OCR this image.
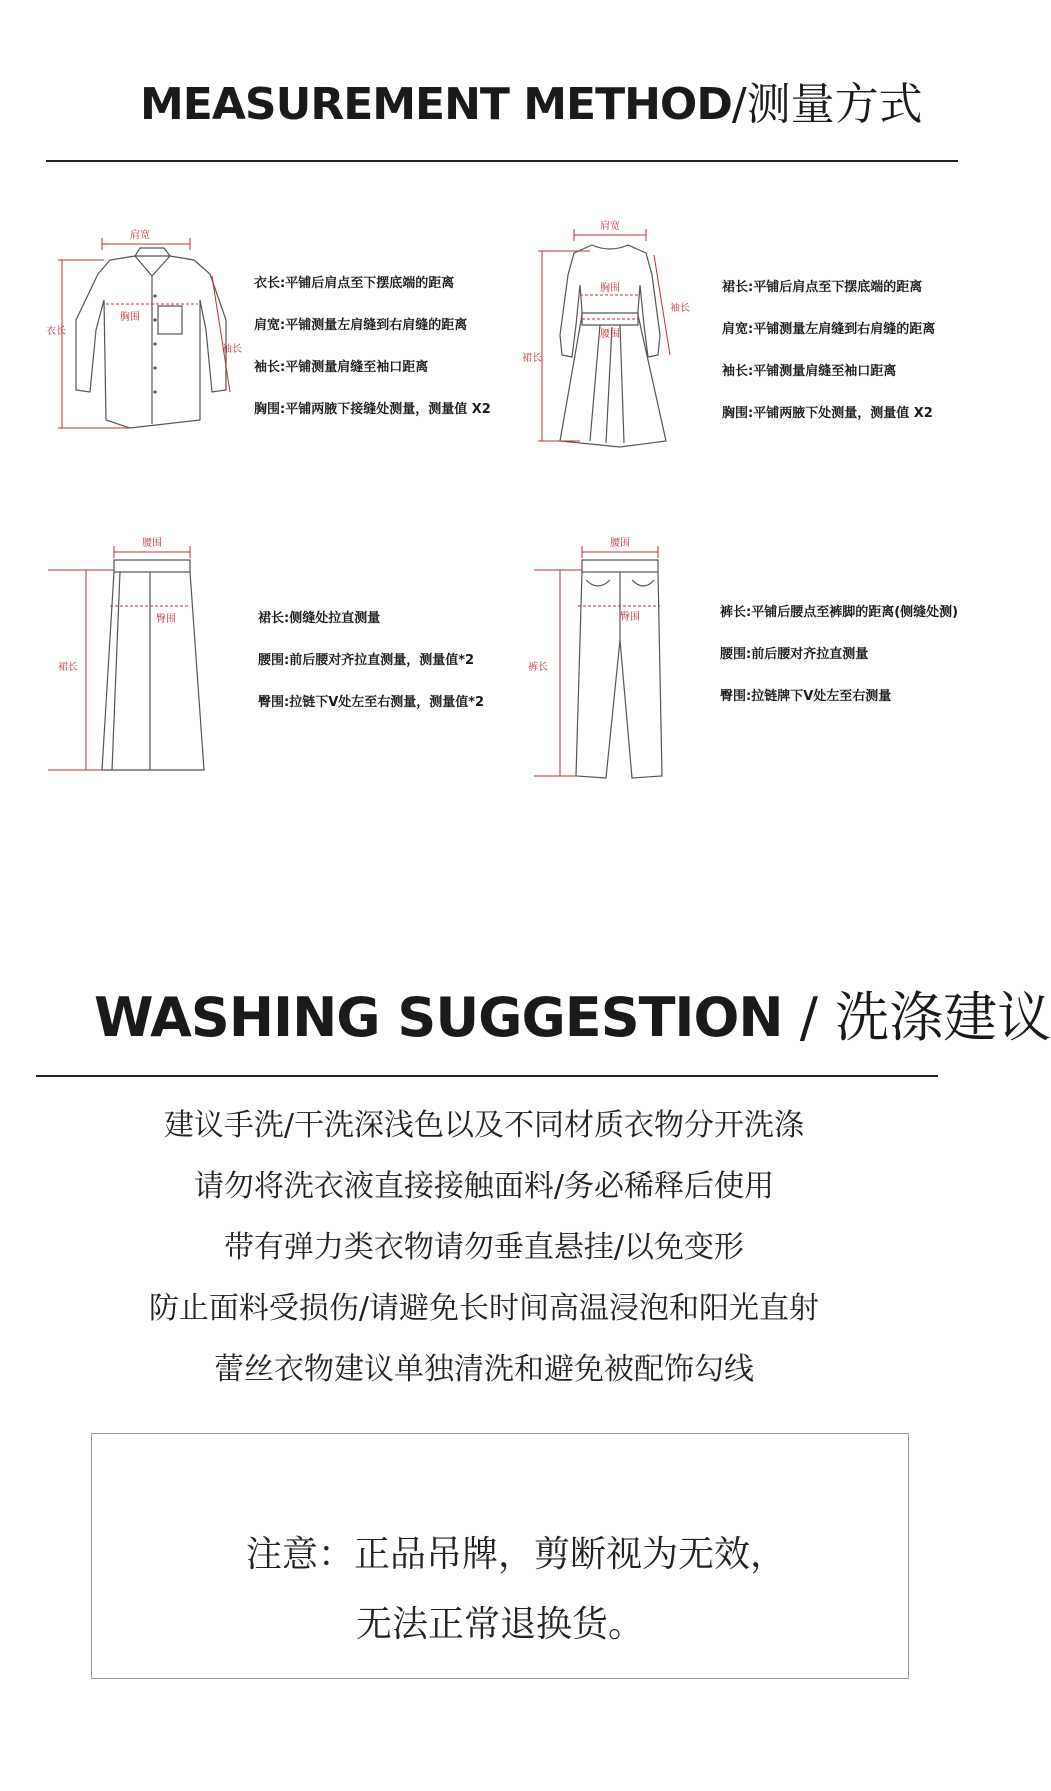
MEASUREMENT METHOD/测量方式
肩宽
胸围
衣长
袖长
衣长:平铺后肩点至下摆底端的距离
肩宽:平铺测量左肩缝到右肩缝的距离
袖长:平铺测量肩缝至袖口距离
胸围:平铺两腋下接缝处测量，测量值 X2
肩宽
胸围
腰围
裙长
袖长
裙长:平铺后肩点至下摆底端的距离
肩宽:平铺测量左肩缝到右肩缝的距离
袖长:平铺测量肩缝至袖口距离
胸围:平铺两腋下处测量，测量值 X2
腰围
臀围
裙长
裙长:侧缝处拉直测量
腰围:前后腰对齐拉直测量，测量值*2
臀围:拉链下V处左至右测量，测量值*2
腰围
臀围
裤长
裤长:平铺后腰点至裤脚的距离(侧缝处测)
腰围:前后腰对齐拉直测量
臀围:拉链牌下V处左至右测量
WASHING SUGGESTION / 洗涤建议
建议手洗/干洗深浅色以及不同材质衣物分开洗涤
请勿将洗衣液直接接触面料/务必稀释后使用
带有弹力类衣物请勿垂直悬挂/以免变形
防止面料受损伤/请避免长时间高温浸泡和阳光直射
蕾丝衣物建议单独清洗和避免被配饰勾线
注意：正品吊牌，剪断视为无效，
无法正常退换货。
